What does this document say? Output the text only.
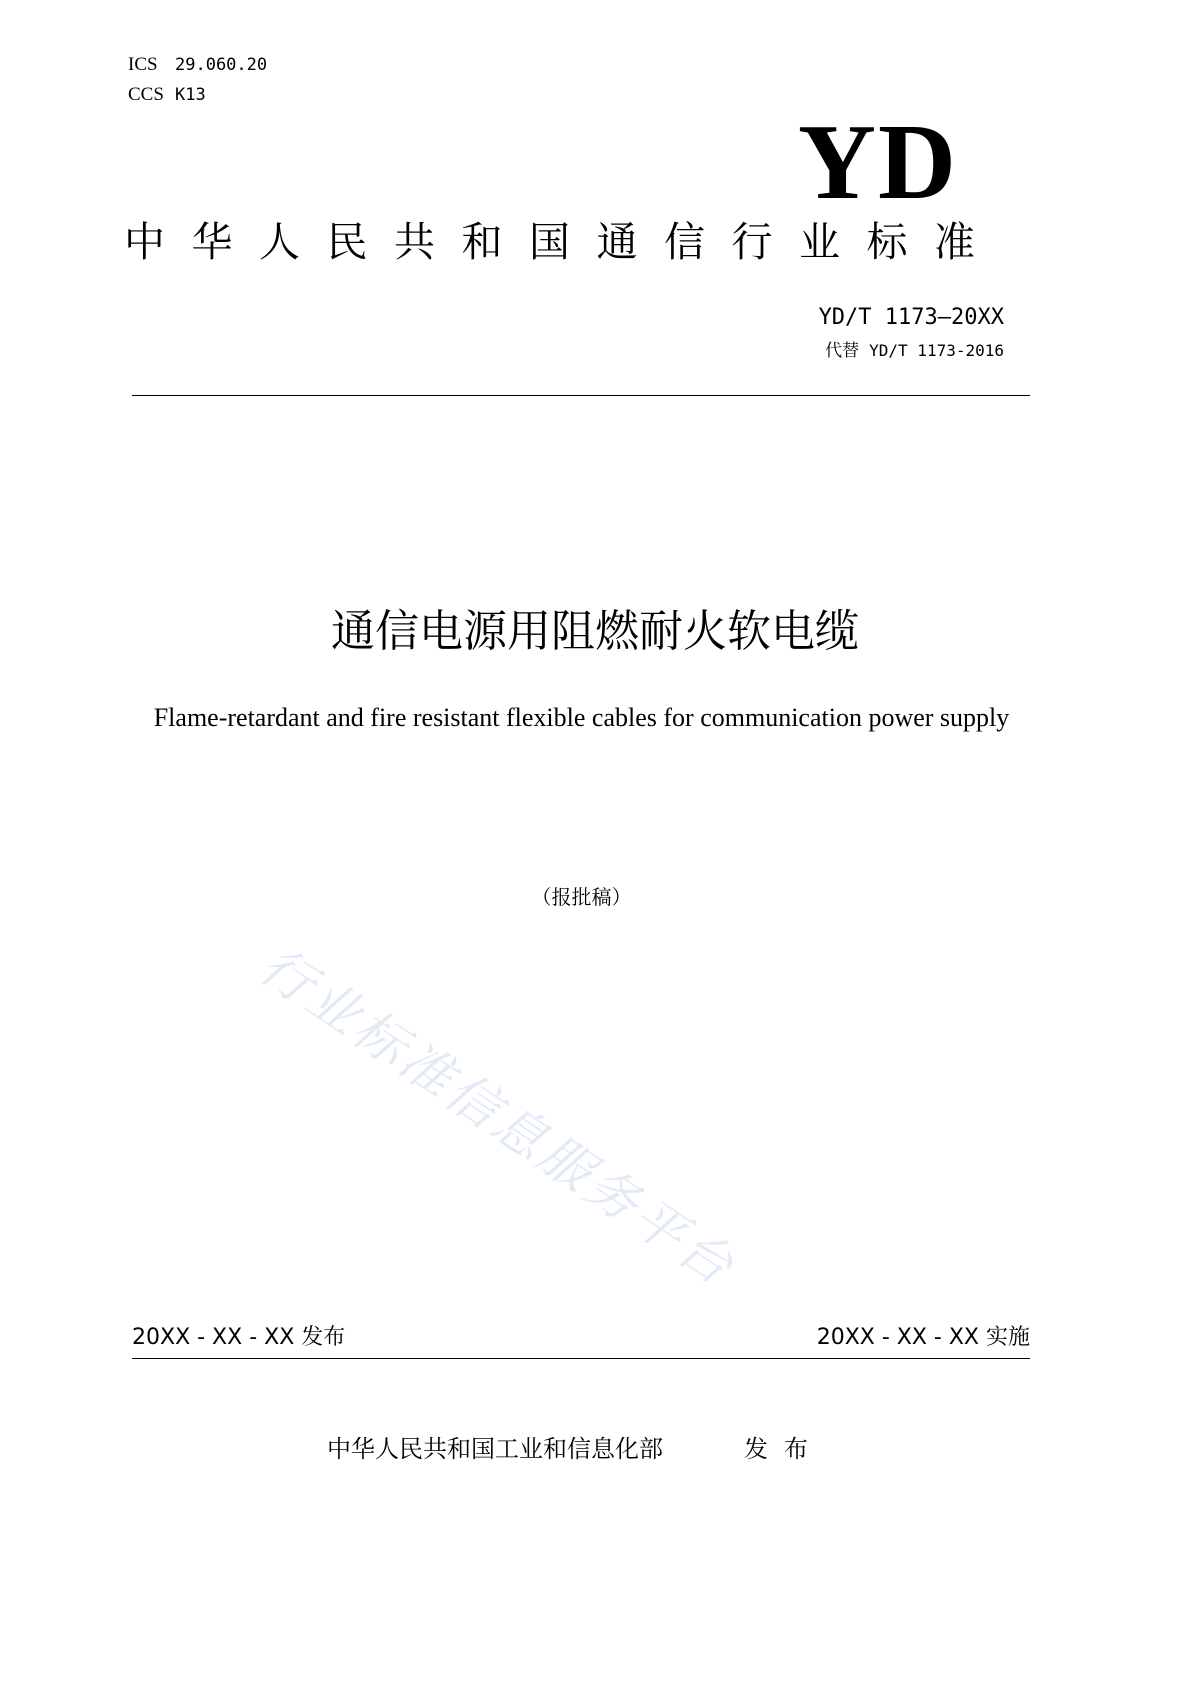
ICS 29.060.20
CCS K13
YD
中华人民共和国通信行业标准
YD/T 1173—20XX
代替 YD/T 1173-2016
通信电源用阻燃耐火软电缆
Flame-retardant and fire resistant flexible cables for communication power supply
（报批稿）
行业标准信息服务平台
20XX - XX - XX 发布	20XX - XX - XX 实施
中华人民共和国工业和信息化部	发布
